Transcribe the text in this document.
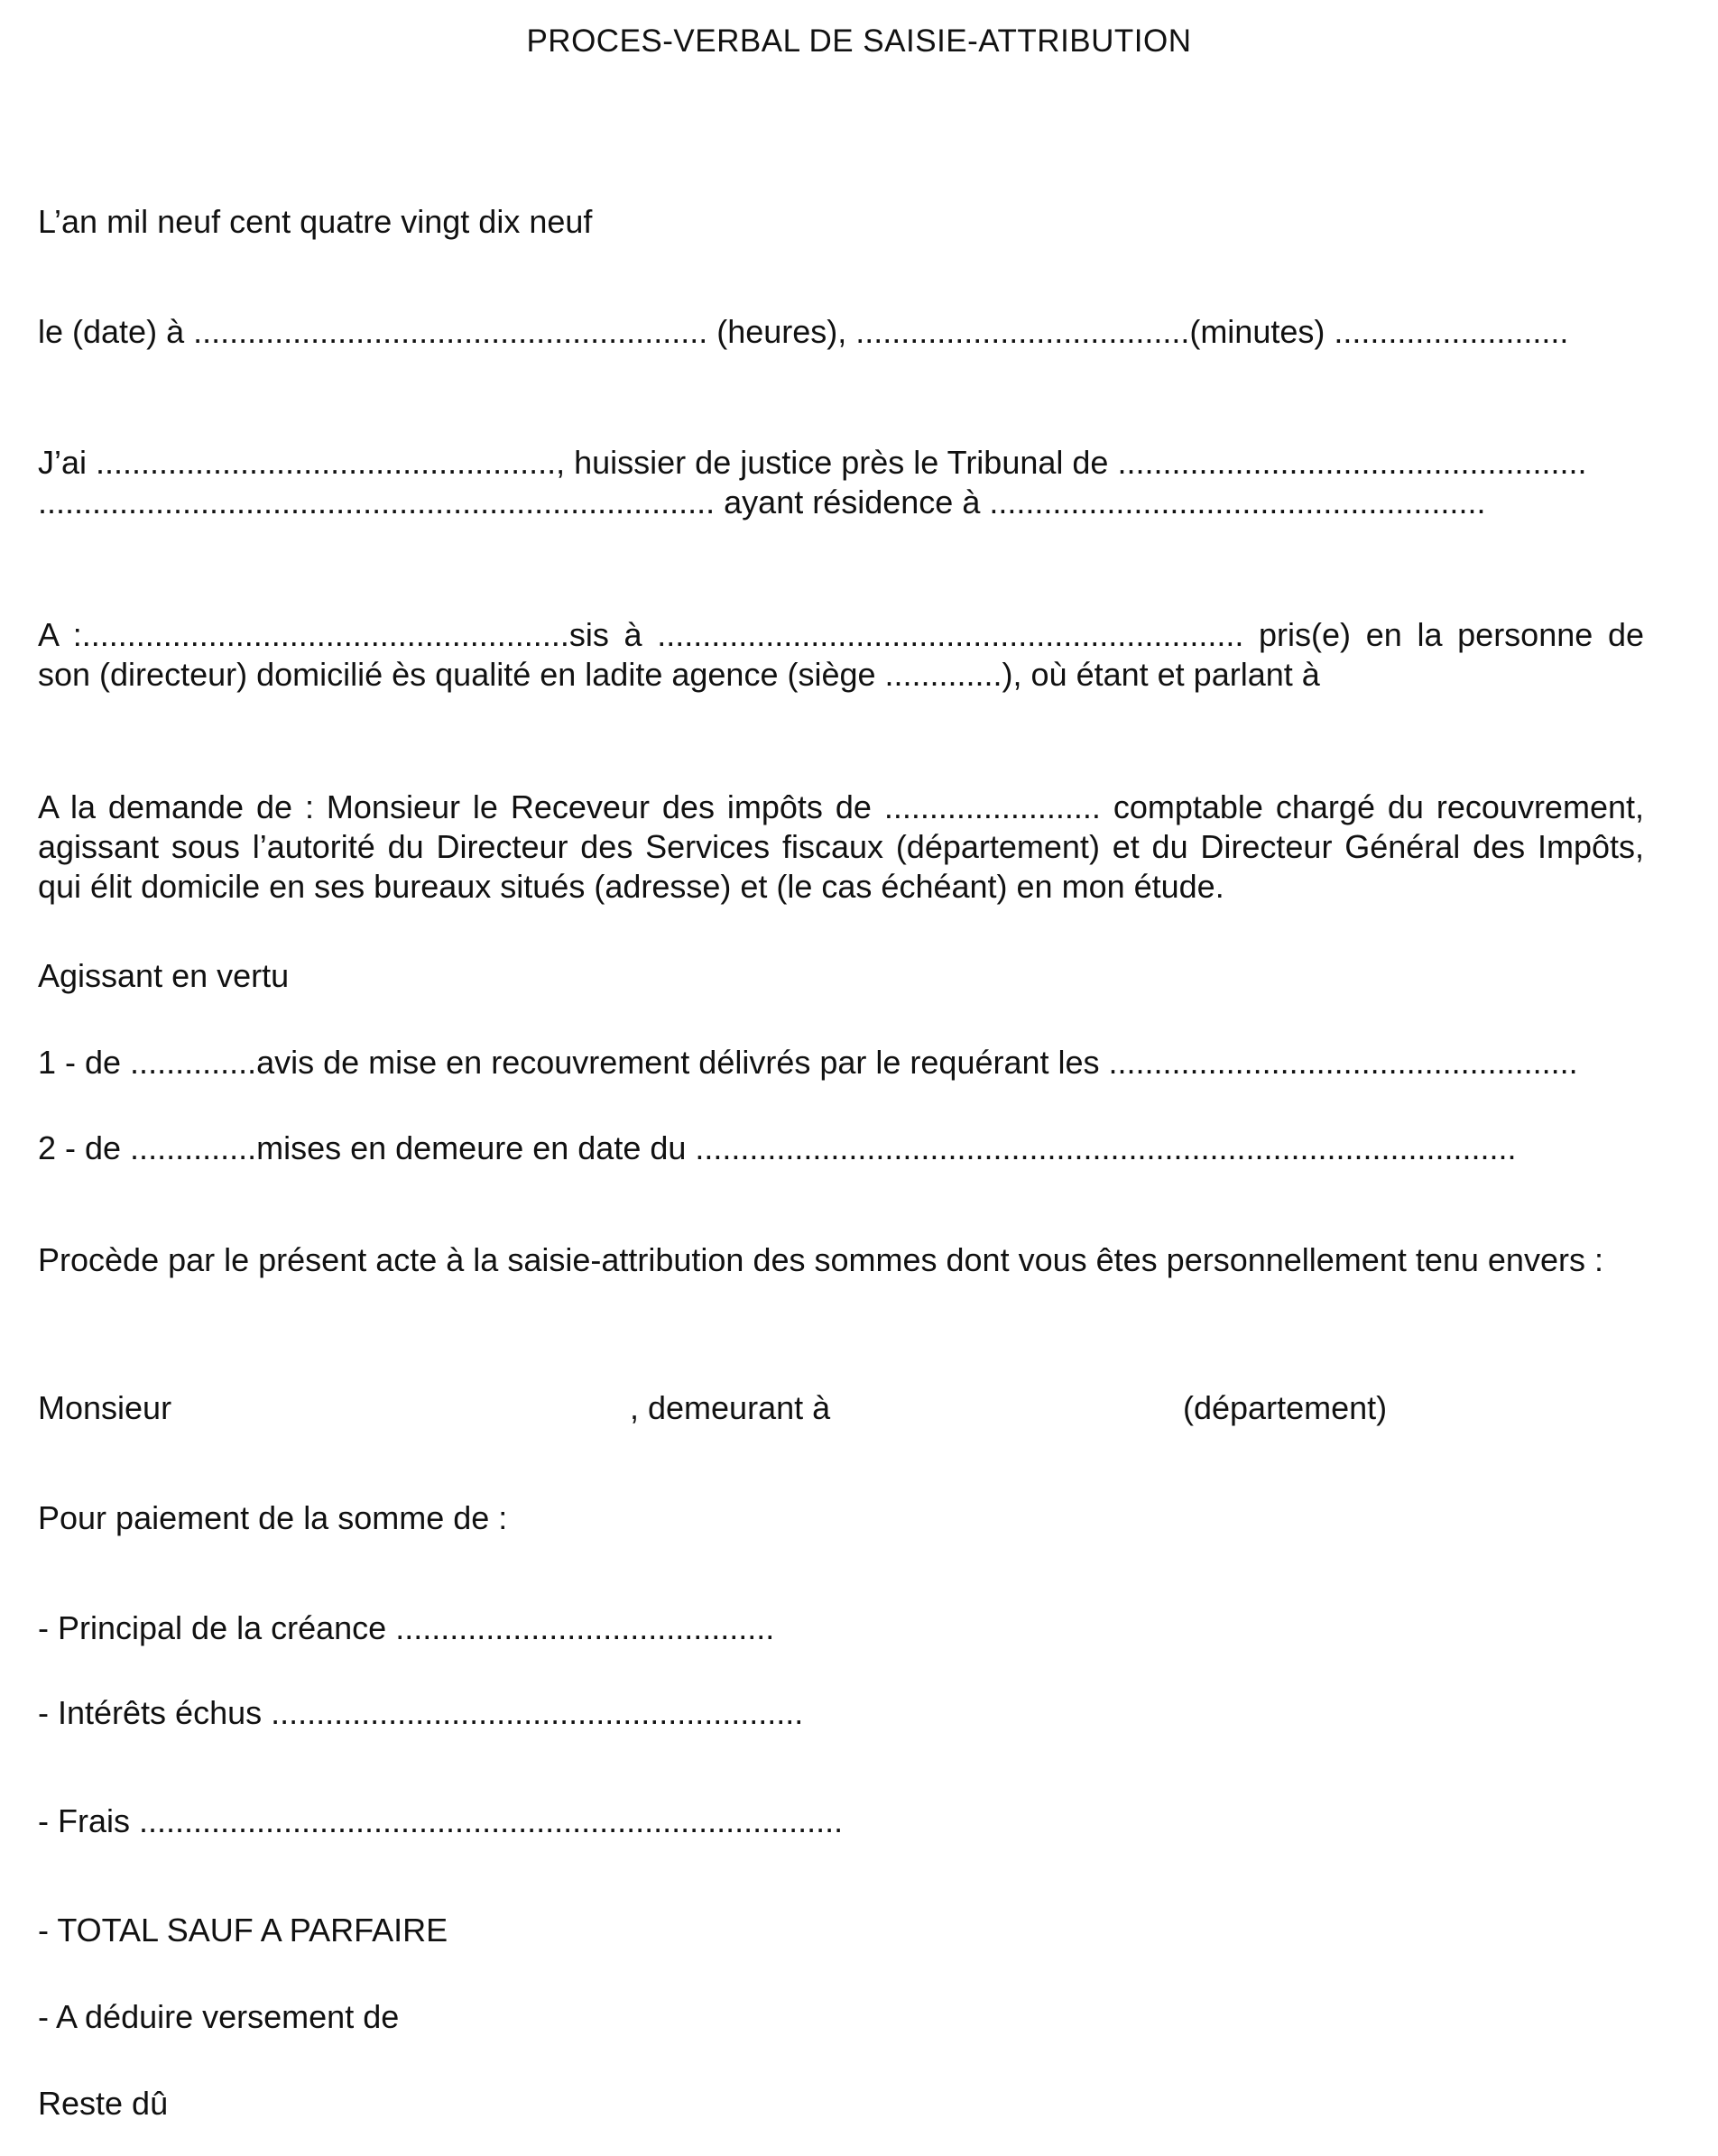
PROCES-VERBAL DE SAISIE-ATTRIBUTION
L’an mil neuf cent quatre vingt dix neuf
le (date) à ......................................................... (heures), .....................................(minutes) ..........................
J’ai ..................................................., huissier de justice près le Tribunal de ....................................................
........................................................................... ayant résidence à .......................................................
A :......................................................sis à ................................................................. pris(e) en la personne de son (directeur) domicilié ès qualité en ladite agence (siège .............), où étant et parlant à
A la demande de : Monsieur le Receveur des impôts de ........................ comptable chargé du recouvrement, agissant sous l’autorité du Directeur des Services fiscaux (département) et du Directeur Général des Impôts, qui élit domicile en ses bureaux situés (adresse) et (le cas échéant) en mon étude.
Agissant en vertu
1 - de ..............avis de mise en recouvrement délivrés par le requérant les ....................................................
2 - de ..............mises en demeure en date du ...........................................................................................
Procède par le présent acte à la saisie-attribution des sommes dont vous êtes personnellement tenu envers :
Monsieur	, demeurant à	(département)
Pour paiement de la somme de :
- Principal de la créance ..........................................
- Intérêts échus ...........................................................
- Frais ..............................................................................
- TOTAL SAUF A PARFAIRE
- A déduire versement de
Reste dû
